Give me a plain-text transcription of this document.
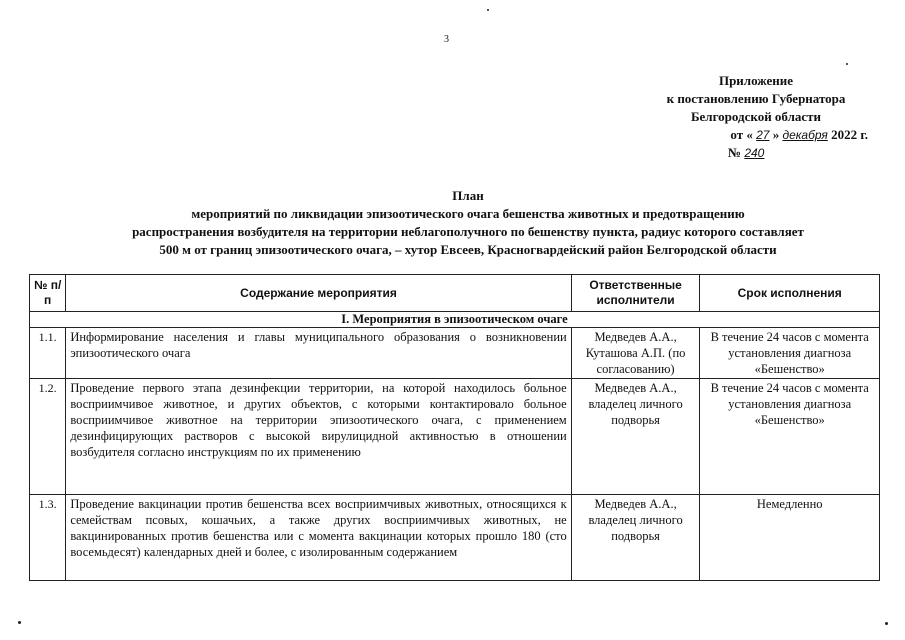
3
Приложение
к постановлению Губернатора
Белгородской области
от « 27 » декабря 2022 г.
№ 240
План
мероприятий по ликвидации эпизоотического очага бешенства животных и предотвращению
распространения возбудителя на территории неблагополучного по бешенству пункта, радиус которого составляет
500 м от границ эпизоотического очага, – хутор Евсеев, Красногвардейский район Белгородской области
№ п/п	Содержание мероприятия	Ответственные исполнители	Срок исполнения
I. Мероприятия в эпизоотическом очаге			
1.1.	Информирование населения и главы муниципального образования о возникновении эпизоотического очага	Медведев А.А., Куташова А.П. (по согласованию)	В течение 24 часов с момента установления диагноза «Бешенство»
1.2.	Проведение первого этапа дезинфекции территории, на которой находилось больное восприимчивое животное, и других объектов, с которыми контактировало больное восприимчивое животное на территории эпизоотического очага, с применением дезинфицирующих растворов с высокой вирулицидной активностью в отношении возбудителя согласно инструкциям по их применению	Медведев А.А., владелец личного подворья	В течение 24 часов с момента установления диагноза «Бешенство»
1.3.	Проведение вакцинации против бешенства всех восприимчивых животных, относящихся к семействам псовых, кошачьих, а также других восприимчивых животных, не вакцинированных против бешенства или с момента вакцинации которых прошло 180 (сто восемьдесят) календарных дней и более, с изолированным содержанием	Медведев А.А., владелец личного подворья	Немедленно
